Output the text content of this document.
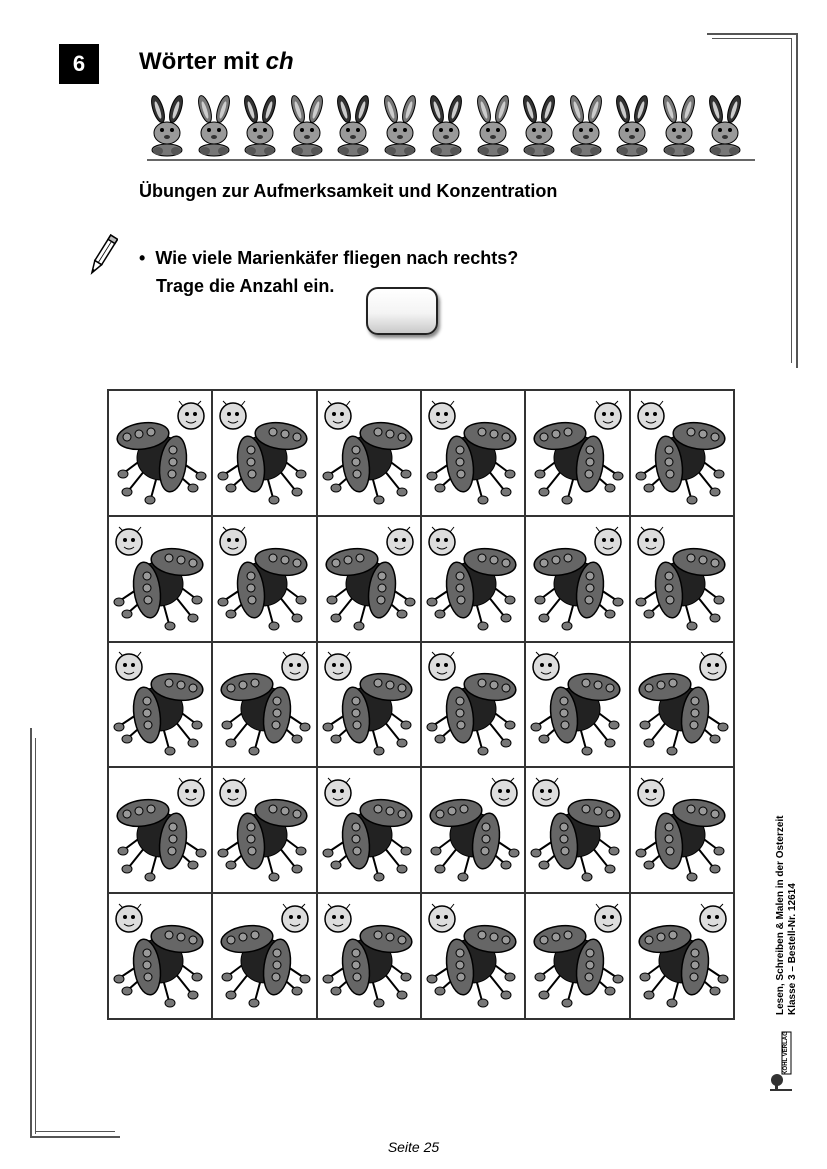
6	Wörter mit ch
Übungen zur Aufmerksamkeit und Konzentration
• Wie viele Marienkäfer fliegen nach rechts?
Trage die Anzahl ein.
Lesen, Schreiben & Malen in der Osterzeit Klasse 3 – Bestell-Nr. 12614
KOHL VERLAG
Seite 25
